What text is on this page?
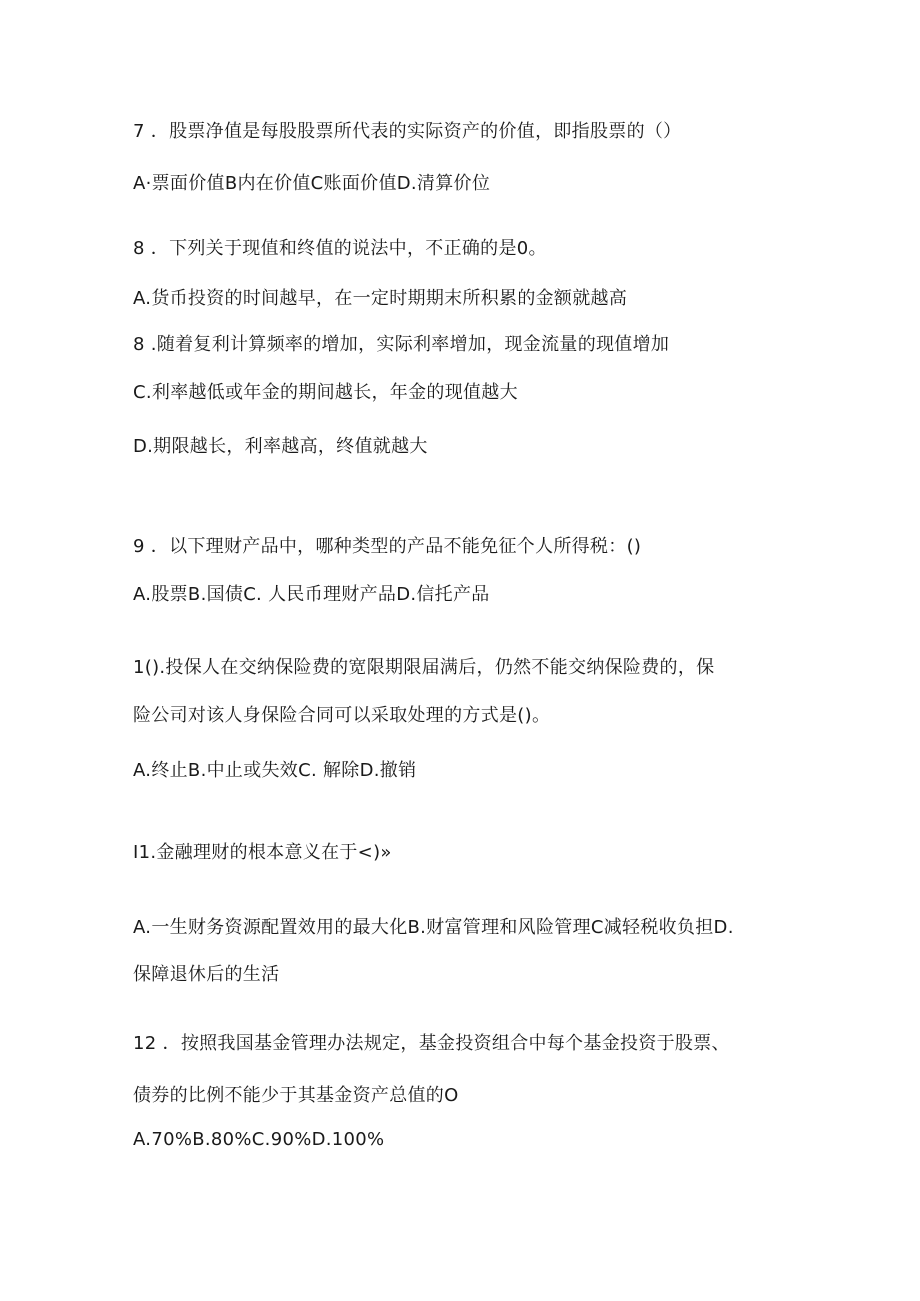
7 ．股票净值是每股股票所代表的实际资产的价值，即指股票的（）
A·票面价值B内在价值C账面价值D.清算价位
8 ．下列关于现值和终值的说法中，不正确的是0。
A.货币投资的时间越早，在一定时期期末所积累的金额就越高
8 .随着复利计算频率的增加，实际利率增加，现金流量的现值增加
C.利率越低或年金的期间越长，年金的现值越大
D.期限越长，利率越高，终值就越大
9 ．以下理财产品中，哪种类型的产品不能免征个人所得税：()
A.股票B.国债C. 人民币理财产品D.信托产品
1().投保人在交纳保险费的宽限期限届满后，仍然不能交纳保险费的，保
险公司对该人身保险合同可以采取处理的方式是()。
A.终止B.中止或失效C. 解除D.撤销
I1.金融理财的根本意义在于<)»
A.一生财务资源配置效用的最大化B.财富管理和风险管理C减轻税收负担D.
保障退休后的生活
12 ．按照我国基金管理办法规定，基金投资组合中每个基金投资于股票、
债券的比例不能少于其基金资产总值的O
A.70%B.80%C.90%D.100%
